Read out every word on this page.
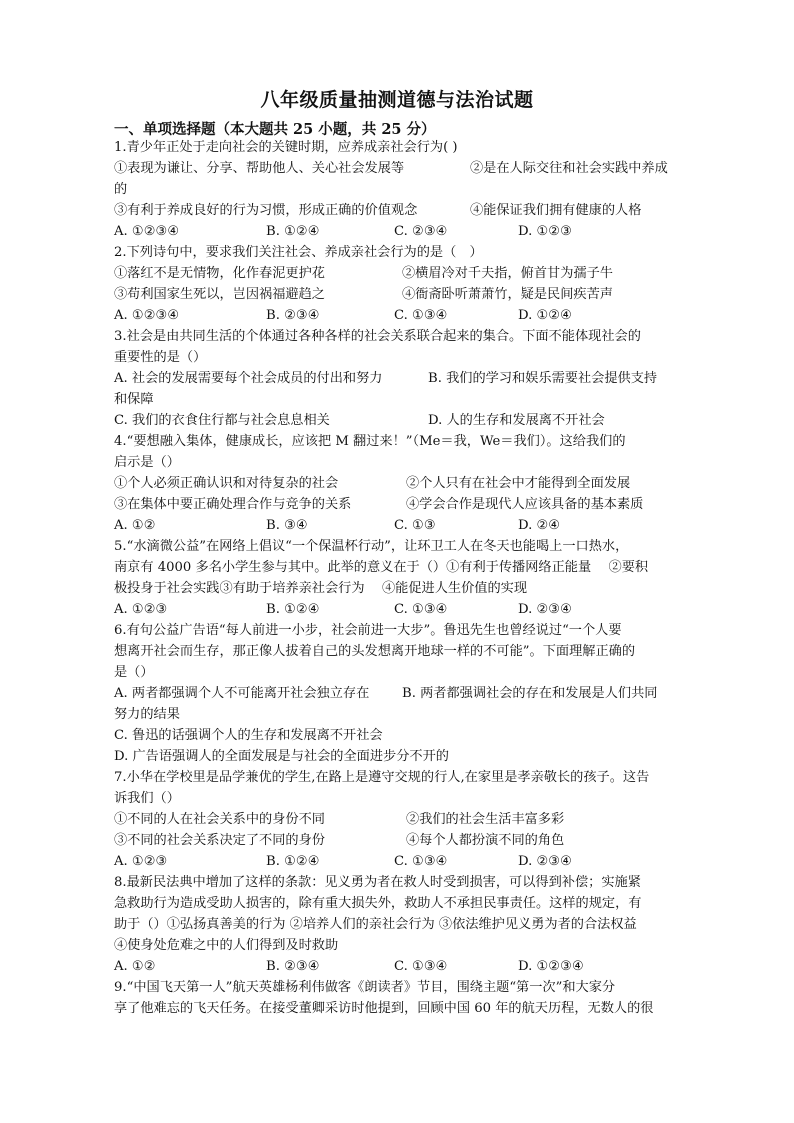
八年级质量抽测道德与法治试题
一、单项选择题（本大题共 25 小题，共 25 分）
1.青少年正处于走向社会的关键时期，应养成亲社会行为( )
①表现为谦让、分享、帮助他人、关心社会发展等	②是在人际交往和社会实践中养成
的
③有利于养成良好的行为习惯，形成正确的价值观念	④能保证我们拥有健康的人格
A. ①②③④	B. ①②④	C. ②③④	D. ①②③
2.下列诗句中，要求我们关注社会、养成亲社会行为的是（　）
①落红不是无情物，化作春泥更护花	②横眉冷对千夫指，俯首甘为孺子牛
③苟利国家生死以，岂因祸福避趋之	④衙斋卧听萧萧竹，疑是民间疾苦声
A. ①②③④	B. ②③④	C. ①③④	D. ①②④
3.社会是由共同生活的个体通过各种各样的社会关系联合起来的集合。下面不能体现社会的
重要性的是（）
A. 社会的发展需要每个社会成员的付出和努力	B. 我们的学习和娱乐需要社会提供支持
和保障
C. 我们的衣食住行都与社会息息相关	D. 人的生存和发展离不开社会
4.“要想融入集体，健康成长，应该把 M 翻过来！”（Me＝我，We＝我们）。这给我们的
启示是（）
①个人必须正确认识和对待复杂的社会	②个人只有在社会中才能得到全面发展
③在集体中要正确处理合作与竞争的关系	④学会合作是现代人应该具备的基本素质
A. ①②	B. ③④	C. ①③	D. ②④
5.“水滴微公益”在网络上倡议“一个保温杯行动”，让环卫工人在冬天也能喝上一口热水，
南京有 4000 多名小学生参与其中。此举的意义在于（）①有利于传播网络正能量　 ②要积
极投身于社会实践③有助于培养亲社会行为　 ④能促进人生价值的实现
A. ①②③	B. ①②④	C. ①③④	D. ②③④
6.有句公益广告语“每人前进一小步，社会前进一大步”。鲁迅先生也曾经说过“一个人要
想离开社会而生存，那正像人拔着自己的头发想离开地球一样的不可能”。下面理解正确的
是（）
A. 两者都强调个人不可能离开社会独立存在 B. 两者都强调社会的存在和发展是人们共同
努力的结果
C. 鲁迅的话强调个人的生存和发展离不开社会
D. 广告语强调人的全面发展是与社会的全面进步分不开的
7.小华在学校里是品学兼优的学生,在路上是遵守交规的行人,在家里是孝亲敬长的孩子。这告
诉我们（）
①不同的人在社会关系中的身份不同	②我们的社会生活丰富多彩
③不同的社会关系决定了不同的身份	④每个人都扮演不同的角色
A. ①②③	B. ①②④	C. ①③④	D. ②③④
8.最新民法典中增加了这样的条款：见义勇为者在救人时受到损害，可以得到补偿；实施紧
急救助行为造成受助人损害的，除有重大损失外，救助人不承担民事责任。这样的规定，有
助于（）①弘扬真善美的行为 ②培养人们的亲社会行为 ③依法维护见义勇为者的合法权益
④使身处危难之中的人们得到及时救助
A. ①②	B. ②③④	C. ①③④	D. ①②③④
9.“中国飞天第一人”航天英雄杨利伟做客《朗读者》节目，围绕主题“第一次”和大家分
享了他难忘的飞天任务。在接受董卿采访时他提到，回顾中国 60 年的航天历程，无数人的很
